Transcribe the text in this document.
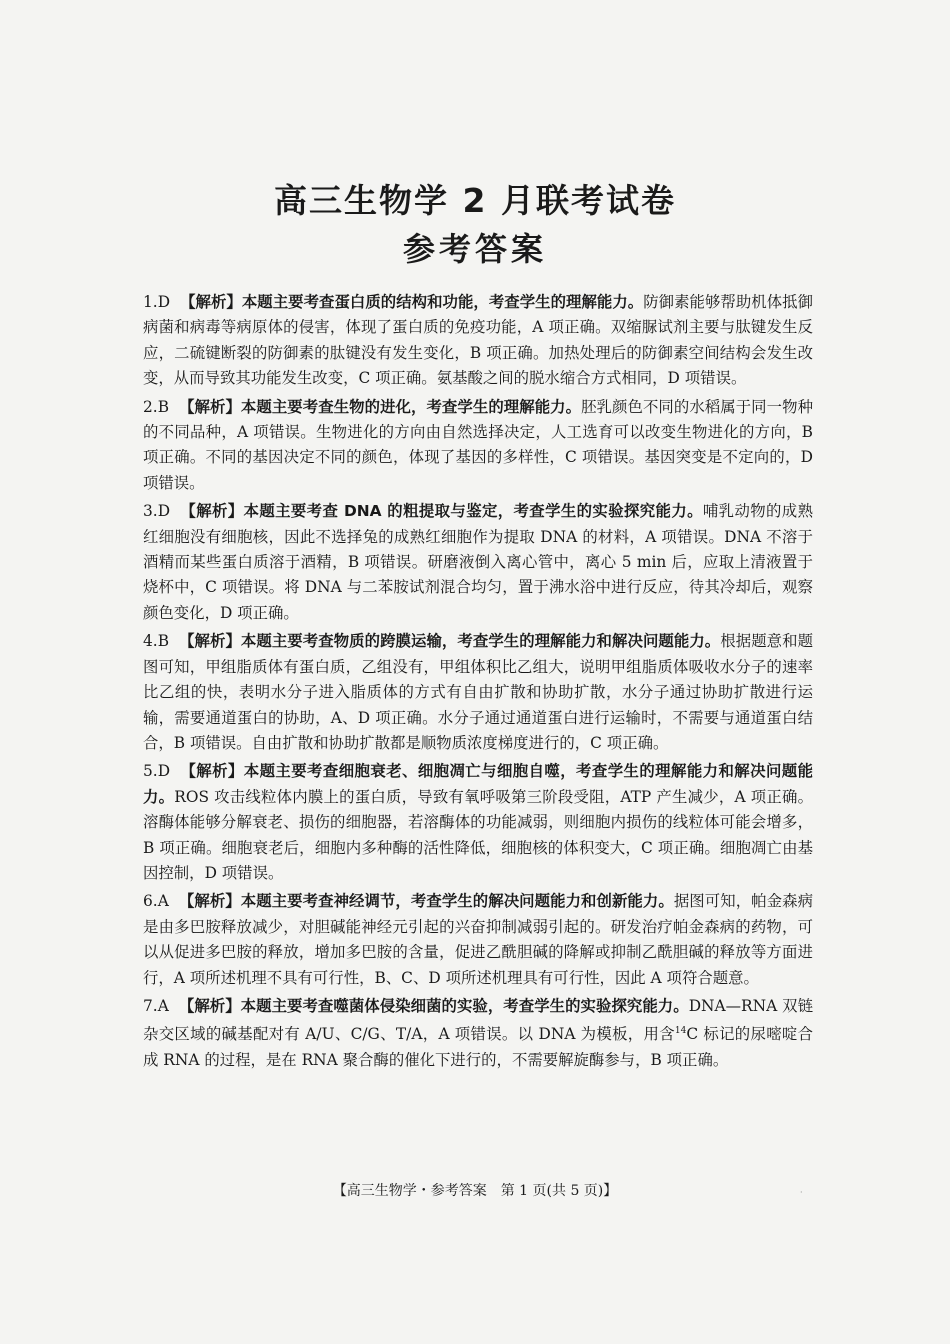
高三生物学 2 月联考试卷
参考答案
1.D 【解析】本题主要考查蛋白质的结构和功能，考查学生的理解能力。防御素能够帮助机体抵御病菌和病毒等病原体的侵害，体现了蛋白质的免疫功能，A 项正确。双缩脲试剂主要与肽键发生反应，二硫键断裂的防御素的肽键没有发生变化，B 项正确。加热处理后的防御素空间结构会发生改变，从而导致其功能发生改变，C 项正确。氨基酸之间的脱水缩合方式相同，D 项错误。
2.B 【解析】本题主要考查生物的进化，考查学生的理解能力。胚乳颜色不同的水稻属于同一物种的不同品种，A 项错误。生物进化的方向由自然选择决定，人工选育可以改变生物进化的方向，B 项正确。不同的基因决定不同的颜色，体现了基因的多样性，C 项错误。基因突变是不定向的，D 项错误。
3.D 【解析】本题主要考查 DNA 的粗提取与鉴定，考查学生的实验探究能力。哺乳动物的成熟红细胞没有细胞核，因此不选择兔的成熟红细胞作为提取 DNA 的材料，A 项错误。DNA 不溶于酒精而某些蛋白质溶于酒精，B 项错误。研磨液倒入离心管中，离心 5 min 后，应取上清液置于烧杯中，C 项错误。将 DNA 与二苯胺试剂混合均匀，置于沸水浴中进行反应，待其冷却后，观察颜色变化，D 项正确。
4.B 【解析】本题主要考查物质的跨膜运输，考查学生的理解能力和解决问题能力。根据题意和题图可知，甲组脂质体有蛋白质，乙组没有，甲组体积比乙组大，说明甲组脂质体吸收水分子的速率比乙组的快，表明水分子进入脂质体的方式有自由扩散和协助扩散，水分子通过协助扩散进行运输，需要通道蛋白的协助，A、D 项正确。水分子通过通道蛋白进行运输时，不需要与通道蛋白结合，B 项错误。自由扩散和协助扩散都是顺物质浓度梯度进行的，C 项正确。
5.D 【解析】本题主要考查细胞衰老、细胞凋亡与细胞自噬，考查学生的理解能力和解决问题能力。ROS 攻击线粒体内膜上的蛋白质，导致有氧呼吸第三阶段受阻，ATP 产生减少，A 项正确。溶酶体能够分解衰老、损伤的细胞器，若溶酶体的功能减弱，则细胞内损伤的线粒体可能会增多，B 项正确。细胞衰老后，细胞内多种酶的活性降低，细胞核的体积变大，C 项正确。细胞凋亡由基因控制，D 项错误。
6.A 【解析】本题主要考查神经调节，考查学生的解决问题能力和创新能力。据图可知，帕金森病是由多巴胺释放减少，对胆碱能神经元引起的兴奋抑制减弱引起的。研发治疗帕金森病的药物，可以从促进多巴胺的释放，增加多巴胺的含量，促进乙酰胆碱的降解或抑制乙酰胆碱的释放等方面进行，A 项所述机理不具有可行性，B、C、D 项所述机理具有可行性，因此 A 项符合题意。
7.A 【解析】本题主要考查噬菌体侵染细菌的实验，考查学生的实验探究能力。DNA—RNA 双链杂交区域的碱基配对有 A/U、C/G、T/A，A 项错误。以 DNA 为模板，用含$^{14}$C 标记的尿嘧啶合成 RNA 的过程，是在 RNA 聚合酶的催化下进行的，不需要解旋酶参与，B 项正确。
【高三生物学・参考答案　第 1 页(共 5 页)】	·
